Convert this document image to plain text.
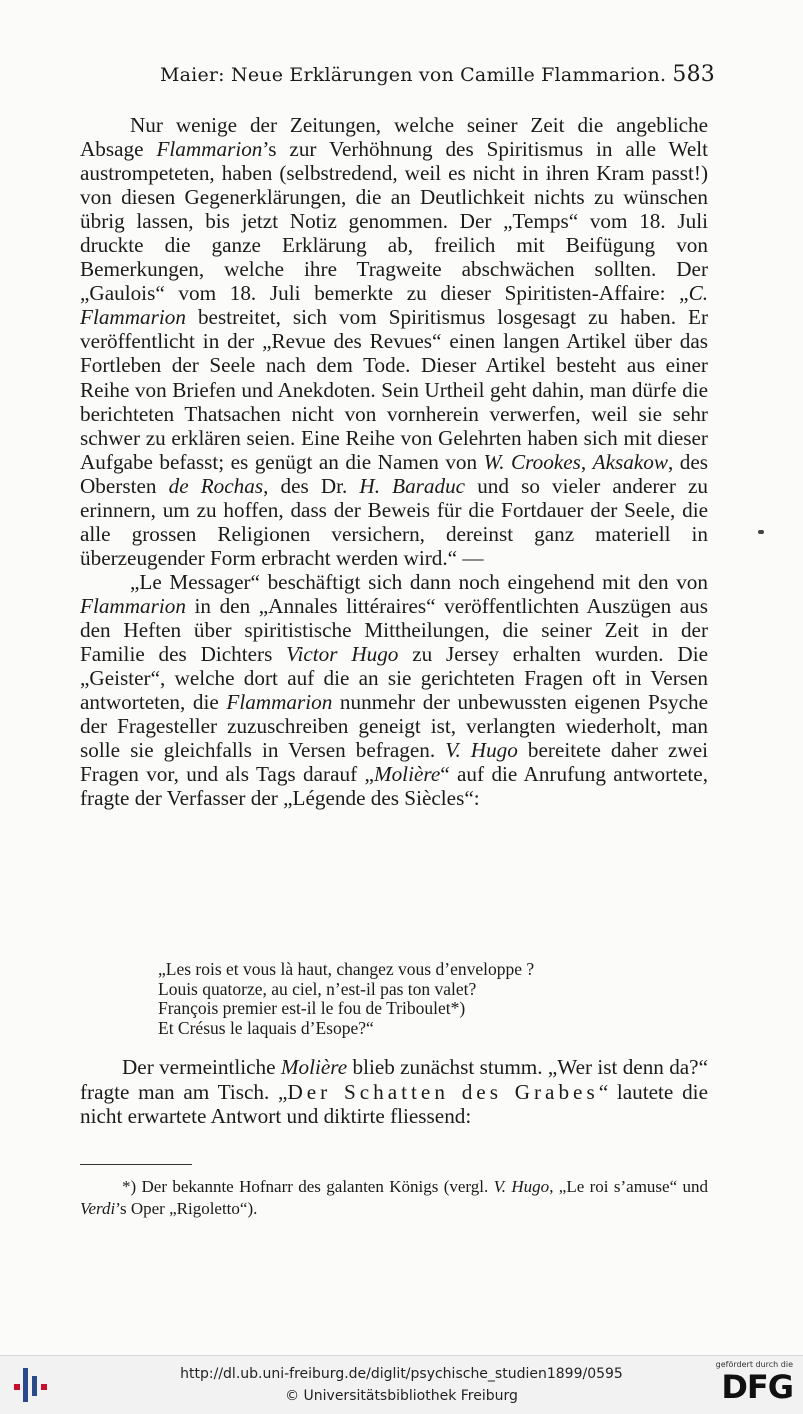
Maier: Neue Erklärungen von Camille Flammarion. 583

Nur wenige der Zeitungen, welche seiner Zeit die angebliche Absage Flammarion’s zur Verhöhnung des Spiritismus in alle Welt austrompeteten, haben (selbstredend, weil es nicht in ihren Kram passt!) von diesen Gegenerklärungen, die an Deutlichkeit nichts zu wünschen übrig lassen, bis jetzt Notiz genommen. Der „Temps“ vom 18. Juli druckte die ganze Erklärung ab, freilich mit Beifügung von Bemerkungen, welche ihre Tragweite abschwächen sollten. Der „Gaulois“ vom 18. Juli bemerkte zu dieser Spiritisten-Affaire: „C. Flammarion bestreitet, sich vom Spiritismus losgesagt zu haben. Er veröffentlicht in der „Revue des Revues“ einen langen Artikel über das Fortleben der Seele nach dem Tode. Dieser Artikel besteht aus einer Reihe von Briefen und Anekdoten. Sein Urtheil geht dahin, man dürfe die berichteten Thatsachen nicht von vornherein verwerfen, weil sie sehr schwer zu erklären seien. Eine Reihe von Gelehrten haben sich mit dieser Aufgabe befasst; es genügt an die Namen von W. Crookes, Aksakow, des Obersten de Rochas, des Dr. H. Baraduc und so vieler anderer zu erinnern, um zu hoffen, dass der Beweis für die Fortdauer der Seele, die alle grossen Religionen versichern, dereinst ganz materiell in überzeugender Form erbracht werden wird.“ —

„Le Messager“ beschäftigt sich dann noch eingehend mit den von Flammarion in den „Annales littéraires“ veröffentlichten Auszügen aus den Heften über spiritistische Mittheilungen, die seiner Zeit in der Familie des Dichters Victor Hugo zu Jersey erhalten wurden. Die „Geister“, welche dort auf die an sie gerichteten Fragen oft in Versen antworteten, die Flammarion nunmehr der unbewussten eigenen Psyche der Fragesteller zuzuschreiben geneigt ist, verlangten wiederholt, man solle sie gleichfalls in Versen befragen. V. Hugo bereitete daher zwei Fragen vor, und als Tags darauf „Molière“ auf die Anrufung antwortete, fragte der Verfasser der „Légende des Siècles“:

„Les rois et vous là haut, changez vous d’enveloppe ?
Louis quatorze, au ciel, n’est-il pas ton valet?
François premier est-il le fou de Triboulet*)
Et Crésus le laquais d’Esope?“

Der vermeintliche Molière blieb zunächst stumm. „Wer ist denn da?“ fragte man am Tisch. „Der Schatten des Grabes“ lautete die nicht erwartete Antwort und diktirte fliessend:

*) Der bekannte Hofnarr des galanten Königs (vergl. V. Hugo, „Le roi s’amuse“ und Verdi’s Oper „Rigoletto“).

http://dl.ub.uni-freiburg.de/diglit/psychische_studien1899/0595
© Universitätsbibliothek Freiburg
gefördert durch die
DFG
